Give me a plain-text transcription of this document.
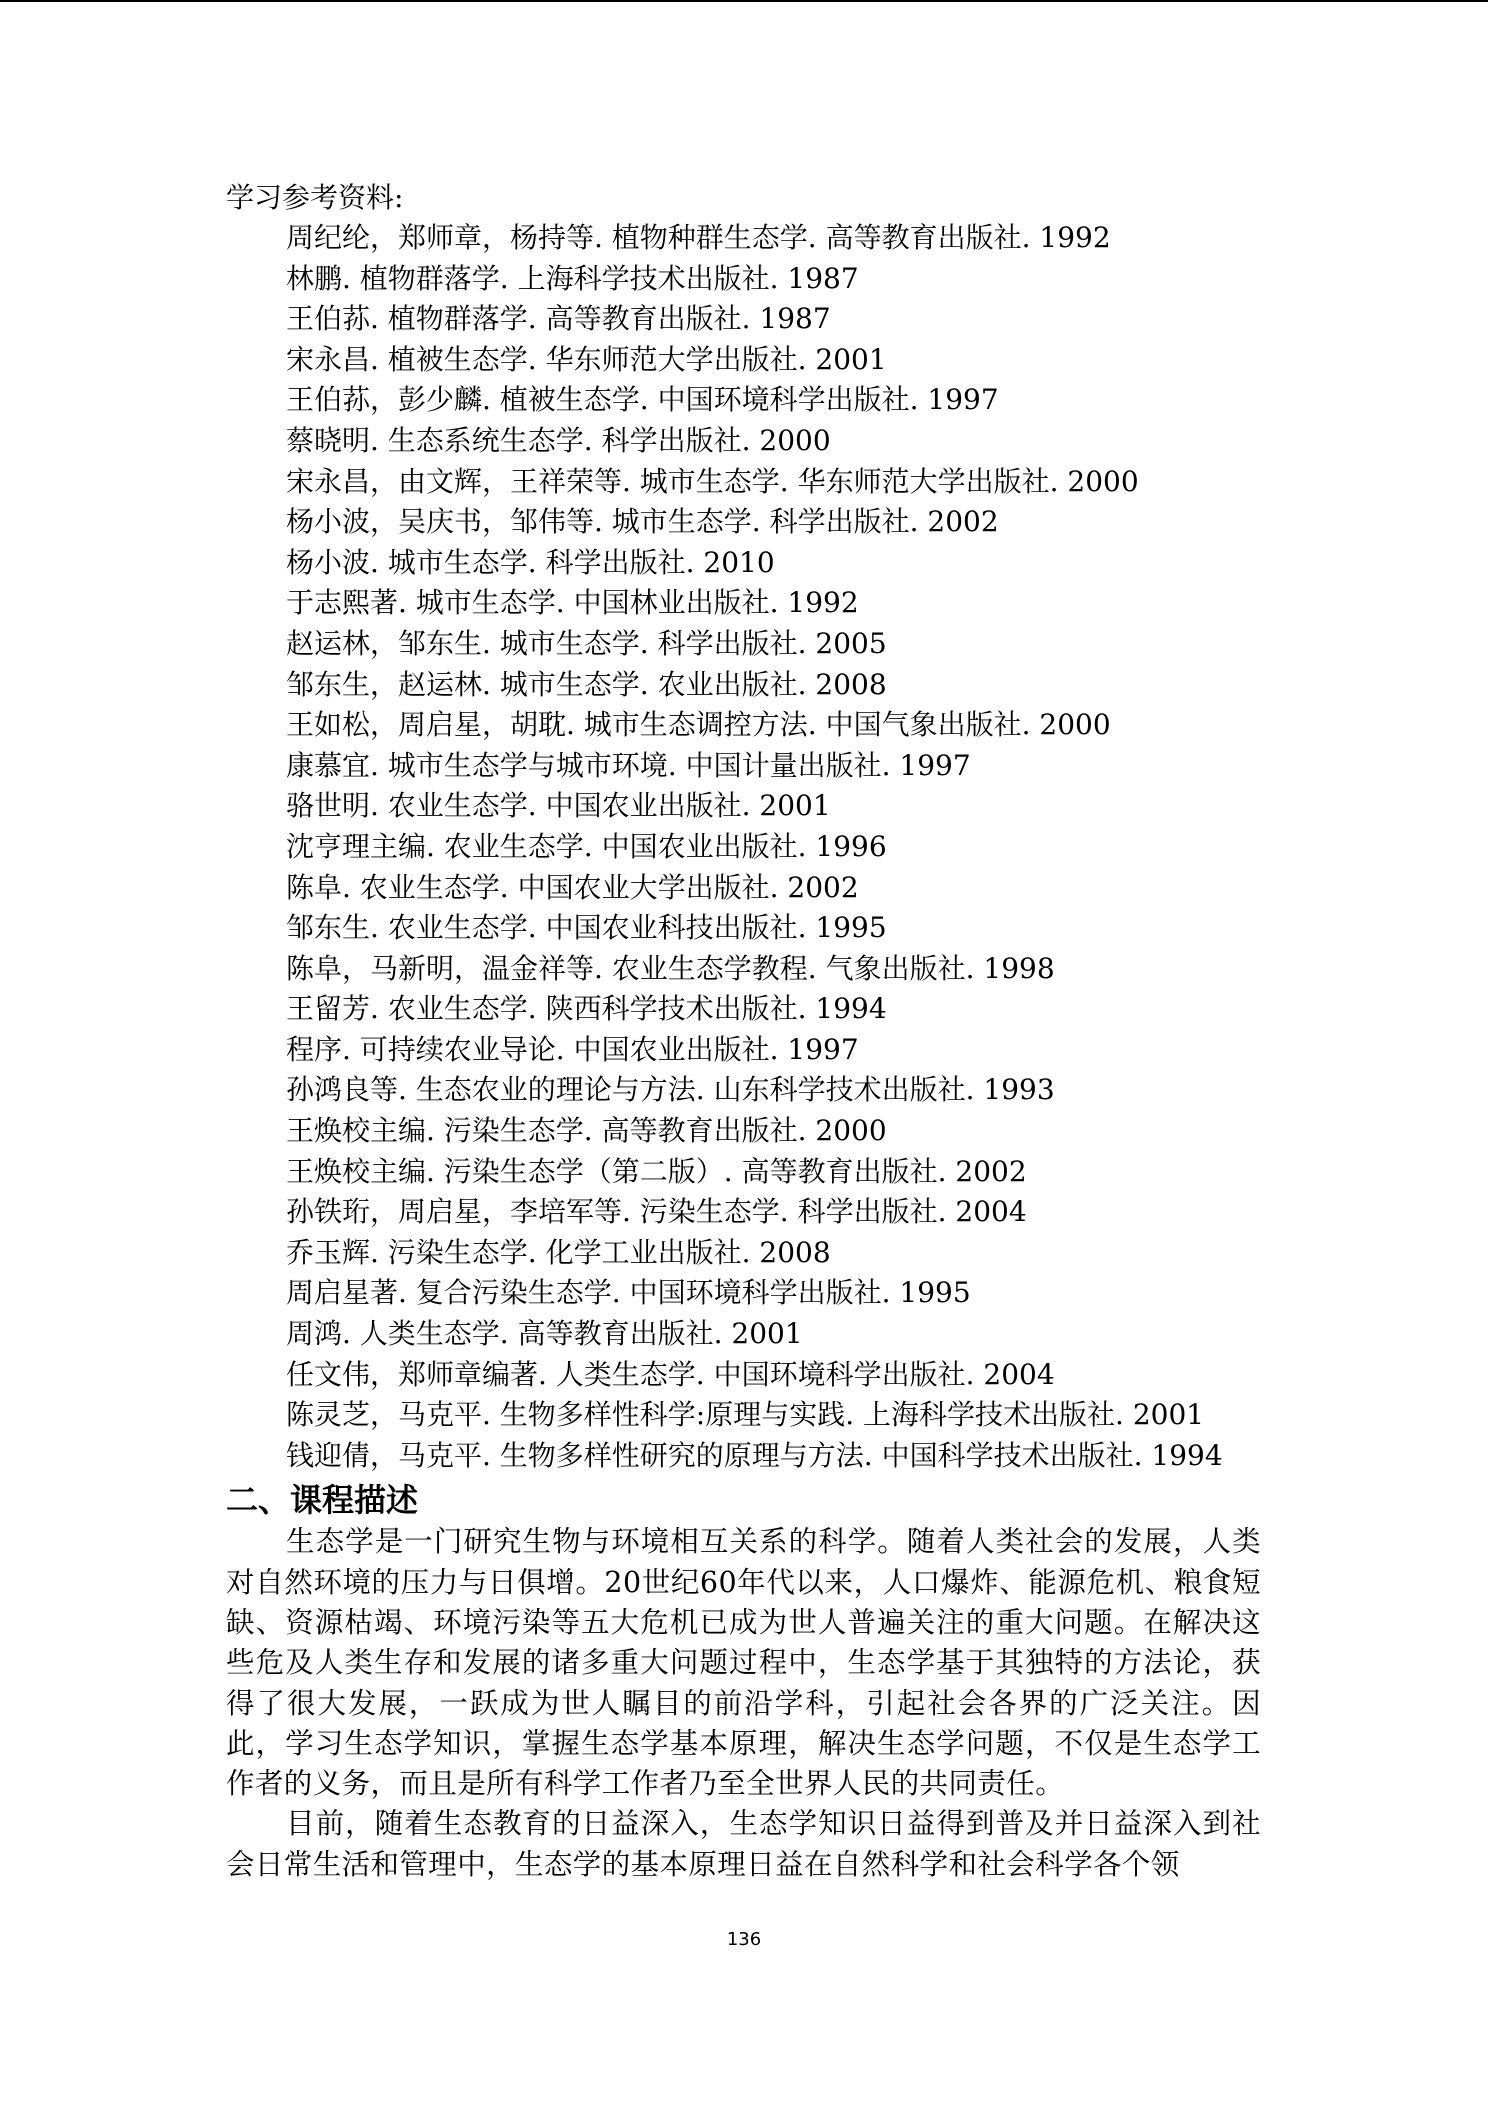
学习参考资料:
周纪纶，郑师章，杨持等. 植物种群生态学. 高等教育出版社. 1992
林鹏. 植物群落学. 上海科学技术出版社. 1987
王伯荪. 植物群落学. 高等教育出版社. 1987
宋永昌. 植被生态学. 华东师范大学出版社. 2001
王伯荪，彭少麟. 植被生态学. 中国环境科学出版社. 1997
蔡晓明. 生态系统生态学. 科学出版社. 2000
宋永昌，由文辉，王祥荣等. 城市生态学. 华东师范大学出版社. 2000
杨小波，吴庆书，邹伟等. 城市生态学. 科学出版社. 2002
杨小波. 城市生态学. 科学出版社. 2010
于志熙著. 城市生态学. 中国林业出版社. 1992
赵运林，邹东生. 城市生态学. 科学出版社. 2005
邹东生，赵运林. 城市生态学. 农业出版社. 2008
王如松，周启星，胡耽. 城市生态调控方法. 中国气象出版社. 2000
康慕宜. 城市生态学与城市环境. 中国计量出版社. 1997
骆世明. 农业生态学. 中国农业出版社. 2001
沈亨理主编. 农业生态学. 中国农业出版社. 1996
陈阜. 农业生态学. 中国农业大学出版社. 2002
邹东生. 农业生态学. 中国农业科技出版社. 1995
陈阜，马新明，温金祥等. 农业生态学教程. 气象出版社. 1998
王留芳. 农业生态学. 陕西科学技术出版社. 1994
程序. 可持续农业导论. 中国农业出版社. 1997
孙鸿良等. 生态农业的理论与方法. 山东科学技术出版社. 1993
王焕校主编. 污染生态学. 高等教育出版社. 2000
王焕校主编. 污染生态学（第二版）. 高等教育出版社. 2002
孙铁珩，周启星，李培军等. 污染生态学. 科学出版社. 2004
乔玉辉. 污染生态学. 化学工业出版社. 2008
周启星著. 复合污染生态学. 中国环境科学出版社. 1995
周鸿. 人类生态学. 高等教育出版社. 2001
任文伟，郑师章编著. 人类生态学. 中国环境科学出版社. 2004
陈灵芝，马克平. 生物多样性科学:原理与实践. 上海科学技术出版社. 2001
钱迎倩，马克平. 生物多样性研究的原理与方法. 中国科学技术出版社. 1994
二、课程描述

生态学是一门研究生物与环境相互关系的科学。随着人类社会的发展，人类对自然环境的压力与日俱增。20世纪60年代以来，人口爆炸、能源危机、粮食短缺、资源枯竭、环境污染等五大危机已成为世人普遍关注的重大问题。在解决这些危及人类生存和发展的诸多重大问题过程中，生态学基于其独特的方法论，获得了很大发展，一跃成为世人瞩目的前沿学科，引起社会各界的广泛关注。因此，学习生态学知识，掌握生态学基本原理，解决生态学问题，不仅是生态学工作者的义务，而且是所有科学工作者乃至全世界人民的共同责任。

目前，随着生态教育的日益深入，生态学知识日益得到普及并日益深入到社会日常生活和管理中，生态学的基本原理日益在自然科学和社会科学各个领

136
